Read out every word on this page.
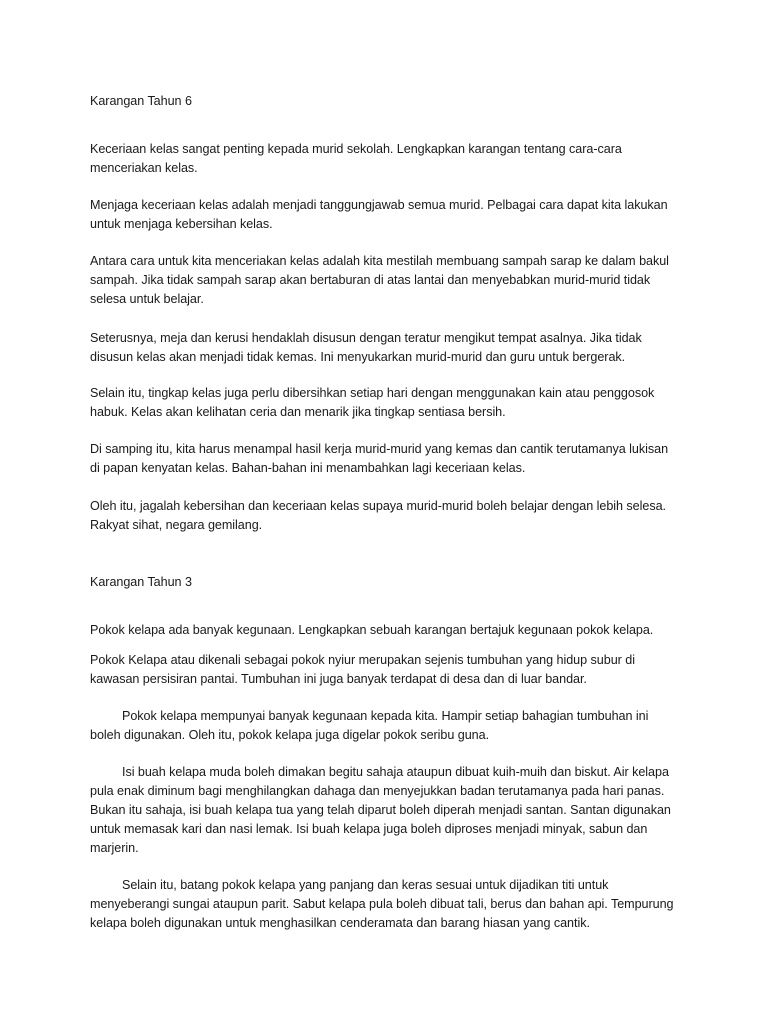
Karangan Tahun 6

Keceriaan kelas sangat penting kepada murid sekolah. Lengkapkan karangan tentang cara-cara menceriakan kelas.

Menjaga keceriaan kelas adalah menjadi tanggungjawab semua murid. Pelbagai cara dapat kita lakukan untuk menjaga kebersihan kelas.

Antara cara untuk kita menceriakan kelas adalah kita mestilah membuang sampah sarap ke dalam bakul sampah. Jika tidak sampah sarap akan bertaburan di atas lantai dan menyebabkan murid-murid tidak selesa untuk belajar.

Seterusnya, meja dan kerusi hendaklah disusun dengan teratur mengikut tempat asalnya. Jika tidak disusun kelas akan menjadi tidak kemas. Ini menyukarkan murid-murid dan guru untuk bergerak.

Selain itu, tingkap kelas juga perlu dibersihkan setiap hari dengan menggunakan kain atau penggosok habuk. Kelas akan kelihatan ceria dan menarik jika tingkap sentiasa bersih.

Di samping itu, kita harus menampal hasil kerja murid-murid yang kemas dan cantik terutamanya lukisan di papan kenyatan kelas. Bahan-bahan ini menambahkan lagi keceriaan kelas.

Oleh itu, jagalah kebersihan dan keceriaan kelas supaya murid-murid boleh belajar dengan lebih selesa. Rakyat sihat, negara gemilang.

Karangan Tahun 3

Pokok kelapa ada banyak kegunaan. Lengkapkan sebuah karangan bertajuk kegunaan pokok kelapa.

Pokok Kelapa atau dikenali sebagai pokok nyiur merupakan sejenis tumbuhan yang hidup subur di kawasan persisiran pantai. Tumbuhan ini juga banyak terdapat di desa dan di luar bandar.

Pokok kelapa mempunyai banyak kegunaan kepada kita. Hampir setiap bahagian tumbuhan ini boleh digunakan. Oleh itu, pokok kelapa juga digelar pokok seribu guna.

Isi buah kelapa muda boleh dimakan begitu sahaja ataupun dibuat kuih-muih dan biskut. Air kelapa pula enak diminum bagi menghilangkan dahaga dan menyejukkan badan terutamanya pada hari panas. Bukan itu sahaja, isi buah kelapa tua yang telah diparut boleh diperah menjadi santan. Santan digunakan untuk memasak kari dan nasi lemak. Isi buah kelapa juga boleh diproses menjadi minyak, sabun dan marjerin.

Selain itu, batang pokok kelapa yang panjang dan keras sesuai untuk dijadikan titi untuk menyeberangi sungai ataupun parit. Sabut kelapa pula boleh dibuat tali, berus dan bahan api. Tempurung kelapa boleh digunakan untuk menghasilkan cenderamata dan barang hiasan yang cantik.
